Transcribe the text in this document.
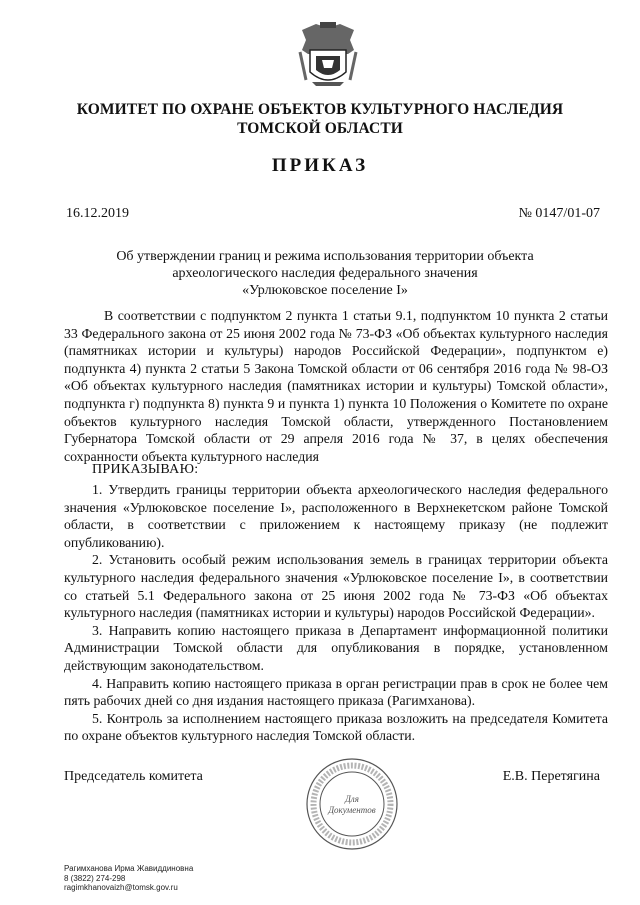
КОМИТЕТ ПО ОХРАНЕ ОБЪЕКТОВ КУЛЬТУРНОГО НАСЛЕДИЯ
ТОМСКОЙ ОБЛАСТИ
ПРИКАЗ
16.12.2019	№ 0147/01-07
Об утверждении границ и режима использования территории объекта
археологического наследия федерального значения
«Урлюковское поселение I»
В соответствии с подпунктом 2 пункта 1 статьи 9.1, подпунктом 10 пункта 2 статьи 33 Федерального закона от 25 июня 2002 года № 73-ФЗ «Об объектах культурного наследия (памятниках истории и культуры) народов Российской Федерации», подпунктом е) подпункта 4) пункта 2 статьи 5 Закона Томской области от 06 сентября 2016 года № 98-ОЗ «Об объектах культурного наследия (памятниках истории и культуры) Томской области», подпункта г) подпункта 8) пункта 9 и пункта 1) пункта 10 Положения о Комитете по охране объектов культурного наследия Томской области, утвержденного Постановлением Губернатора Томской области от 29 апреля 2016 года № 37, в целях обеспечения сохранности объекта культурного наследия
ПРИКАЗЫВАЮ:

1. Утвердить границы территории объекта археологического наследия федерального значения «Урлюковское поселение I», расположенного в Верхнекетском районе Томской области, в соответствии с приложением к настоящему приказу (не подлежит опубликованию).

2. Установить особый режим использования земель в границах территории объекта культурного наследия федерального значения «Урлюковское поселение I», в соответствии со статьей 5.1 Федерального закона от 25 июня 2002 года № 73-ФЗ «Об объектах культурного наследия (памятниках истории и культуры) народов Российской Федерации».

3. Направить копию настоящего приказа в Департамент информационной политики Администрации Томской области для опубликования в порядке, установленном действующим законодательством.

4. Направить копию настоящего приказа в орган регистрации прав в срок не более чем пять рабочих дней со дня издания настоящего приказа (Рагимханова).

5. Контроль за исполнением настоящего приказа возложить на председателя Комитета по охране объектов культурного наследия Томской области.

Председатель комитета	Е.В. Перетягина
Для
Документов
Рагимханова Ирма Жавиддиновна
8 (3822) 274-298
ragimkhanovaizh@tomsk.gov.ru
